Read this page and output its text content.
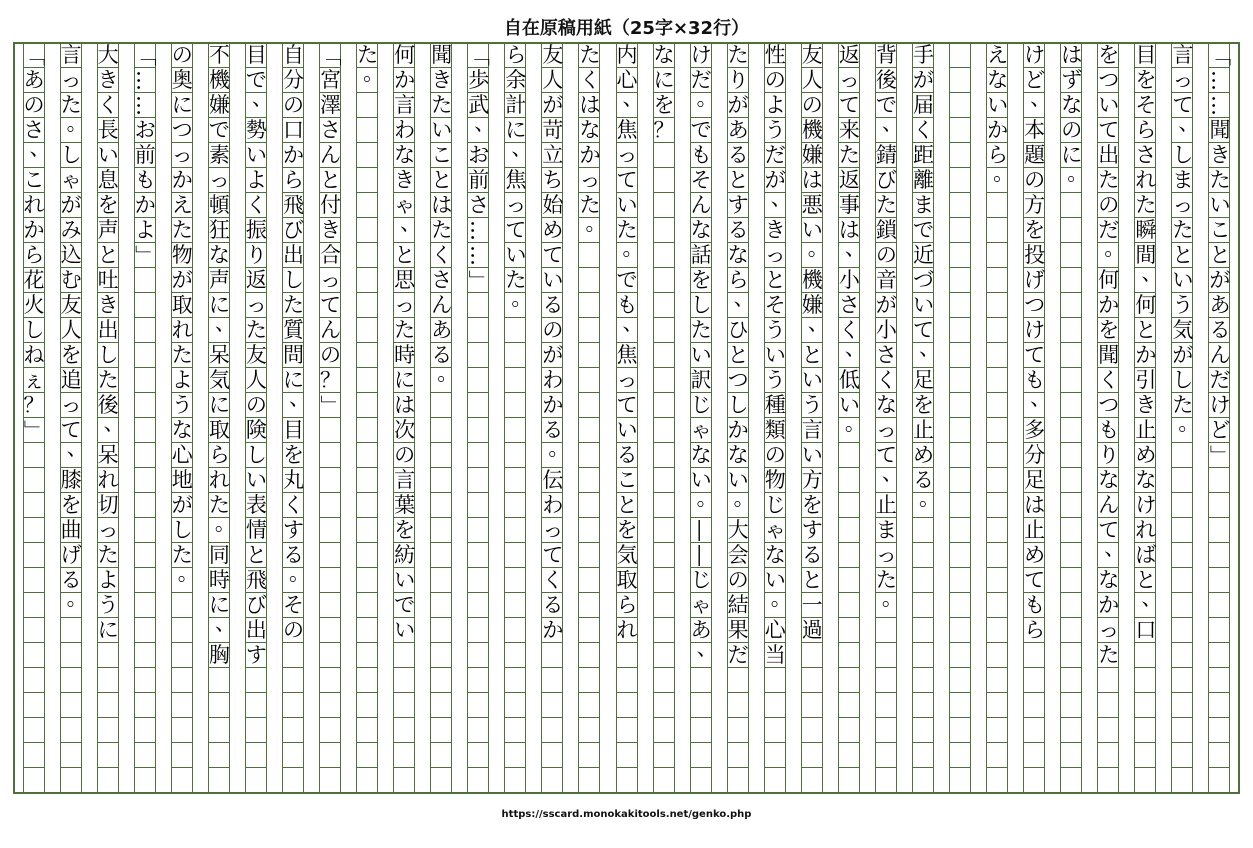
自在原稿用紙（25字×32行）
「
…
…
聞
き
た
い
こ
と
が
あ
る
ん
だ
け
ど
」
言
っ
て
、
し
ま
っ
た
と
い
う
気
が
し
た
。
目
を
そ
ら
さ
れ
た
瞬
間
、
何
と
か
引
き
止
め
な
け
れ
ば
と
、
口
を
つ
い
て
出
た
の
だ
。
何
か
を
聞
く
つ
も
り
な
ん
て
、
な
か
っ
た
は
ず
な
の
に
。
け
ど
、
本
題
の
方
を
投
げ
つ
け
て
も
、
多
分
足
は
止
め
て
も
ら
え
な
い
か
ら
。
手
が
届
く
距
離
ま
で
近
づ
い
て
、
足
を
止
め
る
。
背
後
で
、
錆
び
た
鎖
の
音
が
小
さ
く
な
っ
て
、
止
ま
っ
た
。
返
っ
て
来
た
返
事
は
、
小
さ
く
、
低
い
。
友
人
の
機
嫌
は
悪
い
。
機
嫌
、
と
い
う
言
い
方
を
す
る
と
一
過
性
の
よ
う
だ
が
、
き
っ
と
そ
う
い
う
種
類
の
物
じ
ゃ
な
い
。
心
当
た
り
が
あ
る
と
す
る
な
ら
、
ひ
と
つ
し
か
な
い
。
大
会
の
結
果
だ
け
だ
。
で
も
そ
ん
な
話
を
し
た
い
訳
じ
ゃ
な
い
。
―
―
じ
ゃ
あ
、
な
に
を
？
内
心
、
焦
っ
て
い
た
。
で
も
、
焦
っ
て
い
る
こ
と
を
気
取
ら
れ
た
く
は
な
か
っ
た
。
友
人
が
苛
立
ち
始
め
て
い
る
の
が
わ
か
る
。
伝
わ
っ
て
く
る
か
ら
余
計
に
、
焦
っ
て
い
た
。
「
歩
武
、
お
前
さ
…
…
」
聞
き
た
い
こ
と
は
た
く
さ
ん
あ
る
。
何
か
言
わ
な
き
ゃ
、
と
思
っ
た
時
に
は
次
の
言
葉
を
紡
い
で
い
た
。
「
宮
澤
さ
ん
と
付
き
合
っ
て
ん
の
？
」
自
分
の
口
か
ら
飛
び
出
し
た
質
問
に
、
目
を
丸
く
す
る
。
そ
の
目
で
、
勢
い
よ
く
振
り
返
っ
た
友
人
の
険
し
い
表
情
と
飛
び
出
す
不
機
嫌
で
素
っ
頓
狂
な
声
に
、
呆
気
に
取
ら
れ
た
。
同
時
に
、
胸
の
奥
に
つ
っ
か
え
た
物
が
取
れ
た
よ
う
な
心
地
が
し
た
。
「
…
…
お
前
も
か
よ
」
大
き
く
長
い
息
を
声
と
吐
き
出
し
た
後
、
呆
れ
切
っ
た
よ
う
に
言
っ
た
。
し
ゃ
が
み
込
む
友
人
を
追
っ
て
、
膝
を
曲
げ
る
。
「
あ
の
さ
、
こ
れ
か
ら
花
火
し
ね
ぇ
？
」
https://sscard.monokakitools.net/genko.php
